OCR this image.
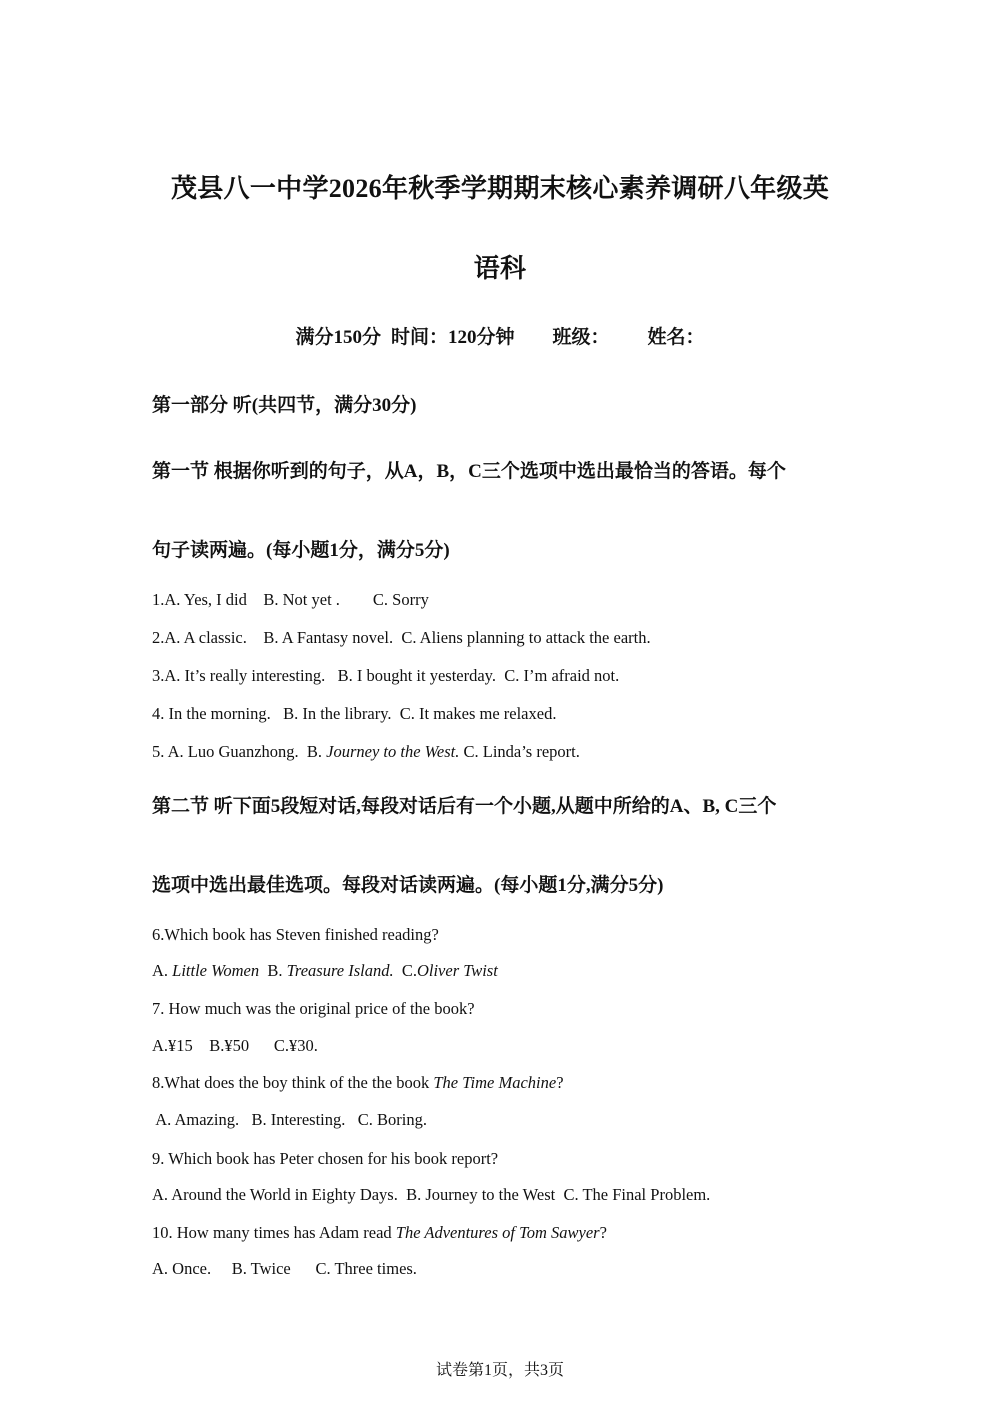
茂县八一中学2026年秋季学期期末核心素养调研八年级英
语科
满分150分 时间：120分钟 班级： 姓名：
第一部分 听(共四节，满分30分)
第一节 根据你听到的句子，从A，B，C三个选项中选出最恰当的答语。每个
句子读两遍。(每小题1分，满分5分)
1.A. Yes, I did    B. Not yet .        C. Sorry
2.A. A classic.    B. A Fantasy novel.  C. Aliens planning to attack the earth.
3.A. It’s really interesting.   B. I bought it yesterday.  C. I’m afraid not.
4. In the morning.   B. In the library.  C. It makes me relaxed.
5. A. Luo Guanzhong.  B. Journey to the West. C. Linda’s report.
第二节 听下面5段短对话,每段对话后有一个小题,从题中所给的A、B, C三个
选项中选出最佳选项。每段对话读两遍。(每小题1分,满分5分)
6.Which book has Steven finished reading?
A. Little Women  B. Treasure Island.  C.Oliver Twist
7. How much was the original price of the book?
A.¥15    B.¥50      C.¥30.
8.What does the boy think of the the book The Time Machine?
A. Amazing.   B. Interesting.   C. Boring.
9. Which book has Peter chosen for his book report?
A. Around the World in Eighty Days.  B. Journey to the West  C. The Final Problem.
10. How many times has Adam read The Adventures of Tom Sawyer?
A. Once.     B. Twice      C. Three times.
试卷第1页，共3页
